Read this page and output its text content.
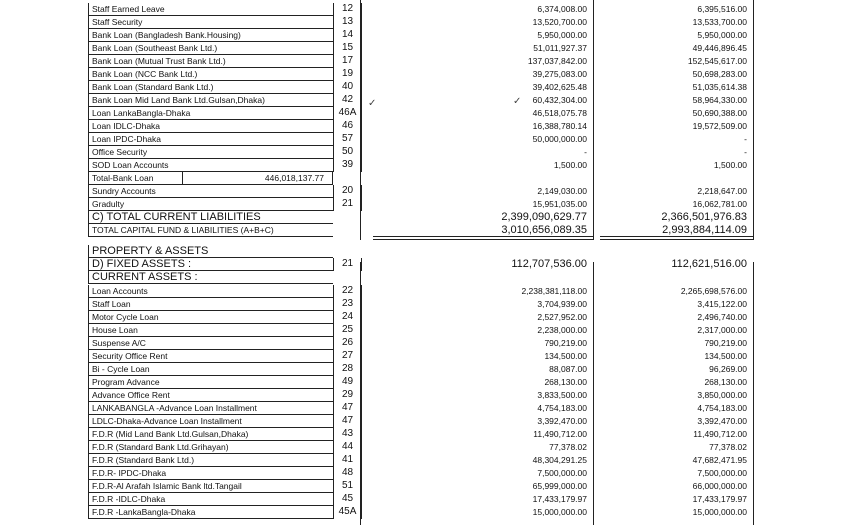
Staff Earned Leave	12	6,374,008.00	6,395,516.00
Staff Security	13	13,520,700.00	13,533,700.00
Bank Loan (Bangladesh Bank.Housing)	14	5,950,000.00	5,950,000.00
Bank Loan (Southeast Bank Ltd.)	15	51,011,927.37	49,446,896.45
Bank Loan (Mutual Trust Bank Ltd.)	17	137,037,842.00	152,545,617.00
Bank Loan (NCC Bank Ltd.)	19	39,275,083.00	50,698,283.00
Bank Loan (Standard Bank Ltd.)	40	39,402,625.48	51,035,614.38
Bank Loan Mid Land Bank Ltd.Gulsan,Dhaka)	42	60,432,304.00	58,964,330.00
Loan LankaBangla-Dhaka	46A	46,518,075.78	50,690,388.00
Loan IDLC-Dhaka	46	16,388,780.14	19,572,509.00
Loan IPDC-Dhaka	57	50,000,000.00	-
Office Security	50	-	-
SOD Loan Accounts	39	1,500.00	1,500.00
Total-Bank Loan	446,018,137.77
Sundry Accounts	20	2,149,030.00	2,218,647.00
Gradulty	21	15,951,035.00	16,062,781.00
C) TOTAL CURRENT LIABILITIES	2,399,090,629.77	2,366,501,976.83
TOTAL CAPITAL FUND & LIABILITIES (A+B+C)	3,010,656,089.35	2,993,884,114.09
PROPERTY & ASSETS
D) FIXED ASSETS :	21	112,707,536.00	112,621,516.00
CURRENT ASSETS :
Loan Accounts	22	2,238,381,118.00	2,265,698,576.00
Staff Loan	23	3,704,939.00	3,415,122.00
Motor Cycle Loan	24	2,527,952.00	2,496,740.00
House Loan	25	2,238,000.00	2,317,000.00
Suspense A/C	26	790,219.00	790,219.00
Security Office Rent	27	134,500.00	134,500.00
Bi - Cycle Loan	28	88,087.00	96,269.00
Program Advance	49	268,130.00	268,130.00
Advance Office Rent	29	3,833,500.00	3,850,000.00
LANKABANGLA -Advance Loan Installment	47	4,754,183.00	4,754,183.00
LDLC-Dhaka-Advance Loan Installment	47	3,392,470.00	3,392,470.00
F.D.R (Mid Land Bank Ltd.Gulsan,Dhaka)	43	11,490,712.00	11,490,712.00
F.D.R (Standard Bank Ltd.Grihayan)	44	77,378.02	77,378.02
F.D.R (Standard Bank Ltd.)	41	48,304,291.25	47,682,471.95
F.D.R- IPDC-Dhaka	48	7,500,000.00	7,500,000.00
F.D.R-Al Arafah Islamic Bank ltd.Tangail	51	65,999,000.00	66,000,000.00
F.D.R -IDLC-Dhaka	45	17,433,179.97	17,433,179.97
F.D.R -LankaBangla-Dhaka	45A	15,000,000.00	15,000,000.00
✓	✓
